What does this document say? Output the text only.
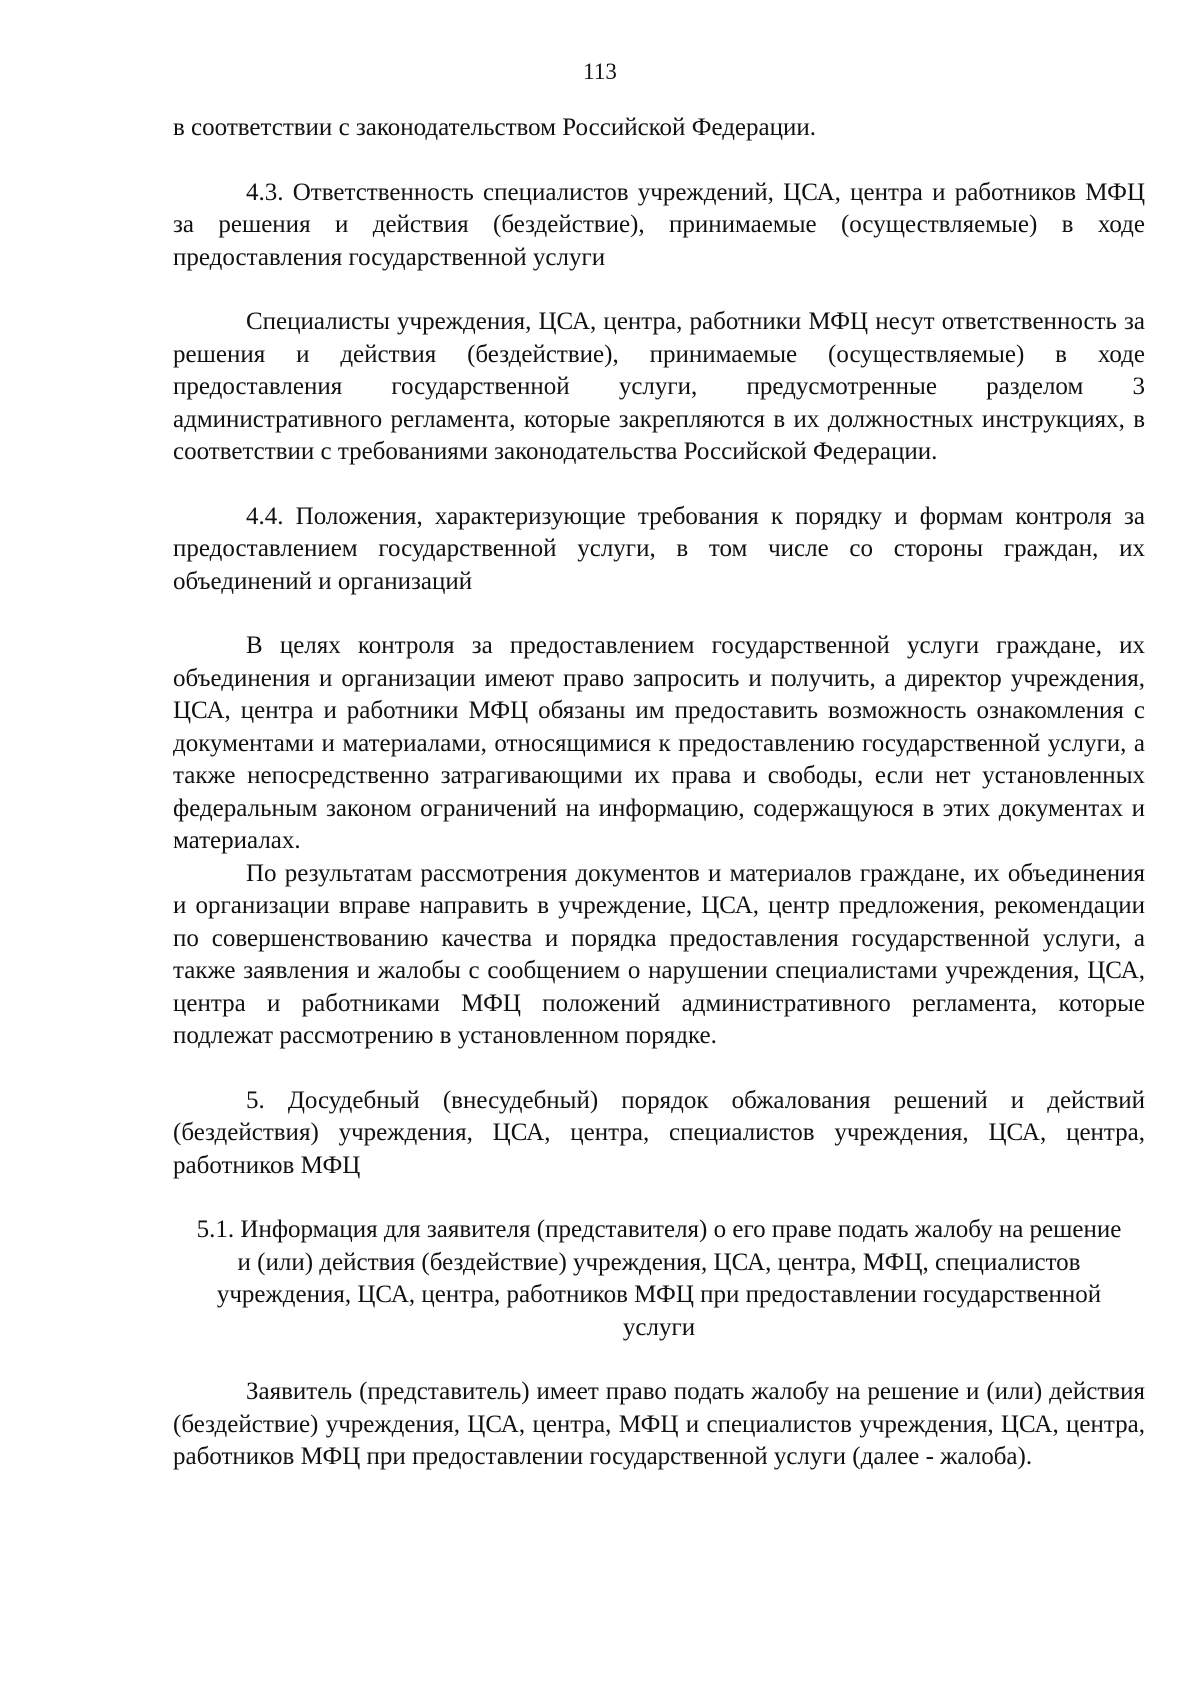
113

в соответствии с законодательством Российской Федерации.

4.3. Ответственность специалистов учреждений, ЦСА, центра и работников МФЦ за решения и действия (бездействие), принимаемые (осуществляемые) в ходе предоставления государственной услуги

Специалисты учреждения, ЦСА, центра, работники МФЦ несут ответственность за решения и действия (бездействие), принимаемые (осуществляемые) в ходе предоставления государственной услуги, предусмотренные разделом 3 административного регламента, которые закрепляются в их должностных инструкциях, в соответствии с требованиями законодательства Российской Федерации.

4.4. Положения, характеризующие требования к порядку и формам контроля за предоставлением государственной услуги, в том числе со стороны граждан, их объединений и организаций

В целях контроля за предоставлением государственной услуги граждане, их объединения и организации имеют право запросить и получить, а директор учреждения, ЦСА, центра и работники МФЦ обязаны им предоставить возможность ознакомления с документами и материалами, относящимися к предоставлению государственной услуги, а также непосредственно затрагивающими их права и свободы, если нет установленных федеральным законом ограничений на информацию, содержащуюся в этих документах и материалах.

По результатам рассмотрения документов и материалов граждане, их объединения и организации вправе направить в учреждение, ЦСА, центр предложения, рекомендации по совершенствованию качества и порядка предоставления государственной услуги, а также заявления и жалобы с сообщением о нарушении специалистами учреждения, ЦСА, центра и работниками МФЦ положений административного регламента, которые подлежат рассмотрению в установленном порядке.

5. Досудебный (внесудебный) порядок обжалования решений и действий (бездействия) учреждения, ЦСА, центра, специалистов учреждения, ЦСА, центра, работников МФЦ

5.1. Информация для заявителя (представителя) о его праве подать жалобу на решение и (или) действия (бездействие) учреждения, ЦСА, центра, МФЦ, специалистов учреждения, ЦСА, центра, работников МФЦ при предоставлении государственной услуги

Заявитель (представитель) имеет право подать жалобу на решение и (или) действия (бездействие) учреждения, ЦСА, центра, МФЦ и специалистов учреждения, ЦСА, центра, работников МФЦ при предоставлении государственной услуги (далее - жалоба).
